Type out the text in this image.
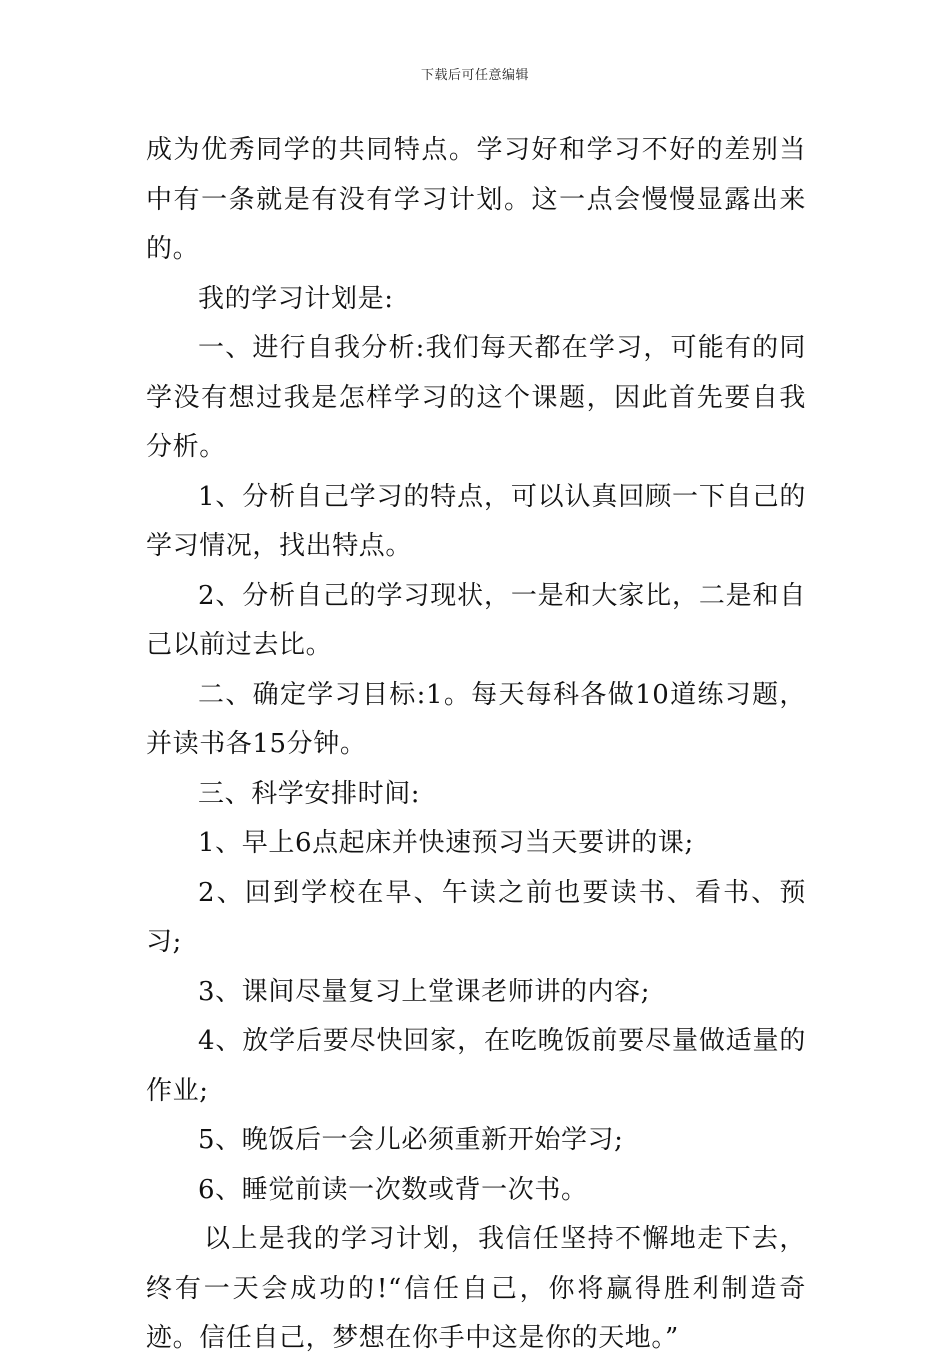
下载后可任意编辑

成为优秀同学的共同特点。学习好和学习不好的差别当中有一条就是有没有学习计划。这一点会慢慢显露出来的。

我的学习计划是:

一、进行自我分析:我们每天都在学习，可能有的同学没有想过我是怎样学习的这个课题，因此首先要自我分析。

1、分析自己学习的特点，可以认真回顾一下自己的学习情况，找出特点。

2、分析自己的学习现状，一是和大家比，二是和自己以前过去比。

二、确定学习目标:1。每天每科各做10道练习题，并读书各15分钟。

三、科学安排时间:

1、早上6点起床并快速预习当天要讲的课;

2、回到学校在早、午读之前也要读书、看书、预习;

3、课间尽量复习上堂课老师讲的内容;

4、放学后要尽快回家，在吃晚饭前要尽量做适量的作业;

5、晚饭后一会儿必须重新开始学习;

6、睡觉前读一次数或背一次书。

以上是我的学习计划，我信任坚持不懈地走下去，终有一天会成功的!“信任自己，你将赢得胜利制造奇迹。信任自己，梦想在你手中这是你的天地。”
